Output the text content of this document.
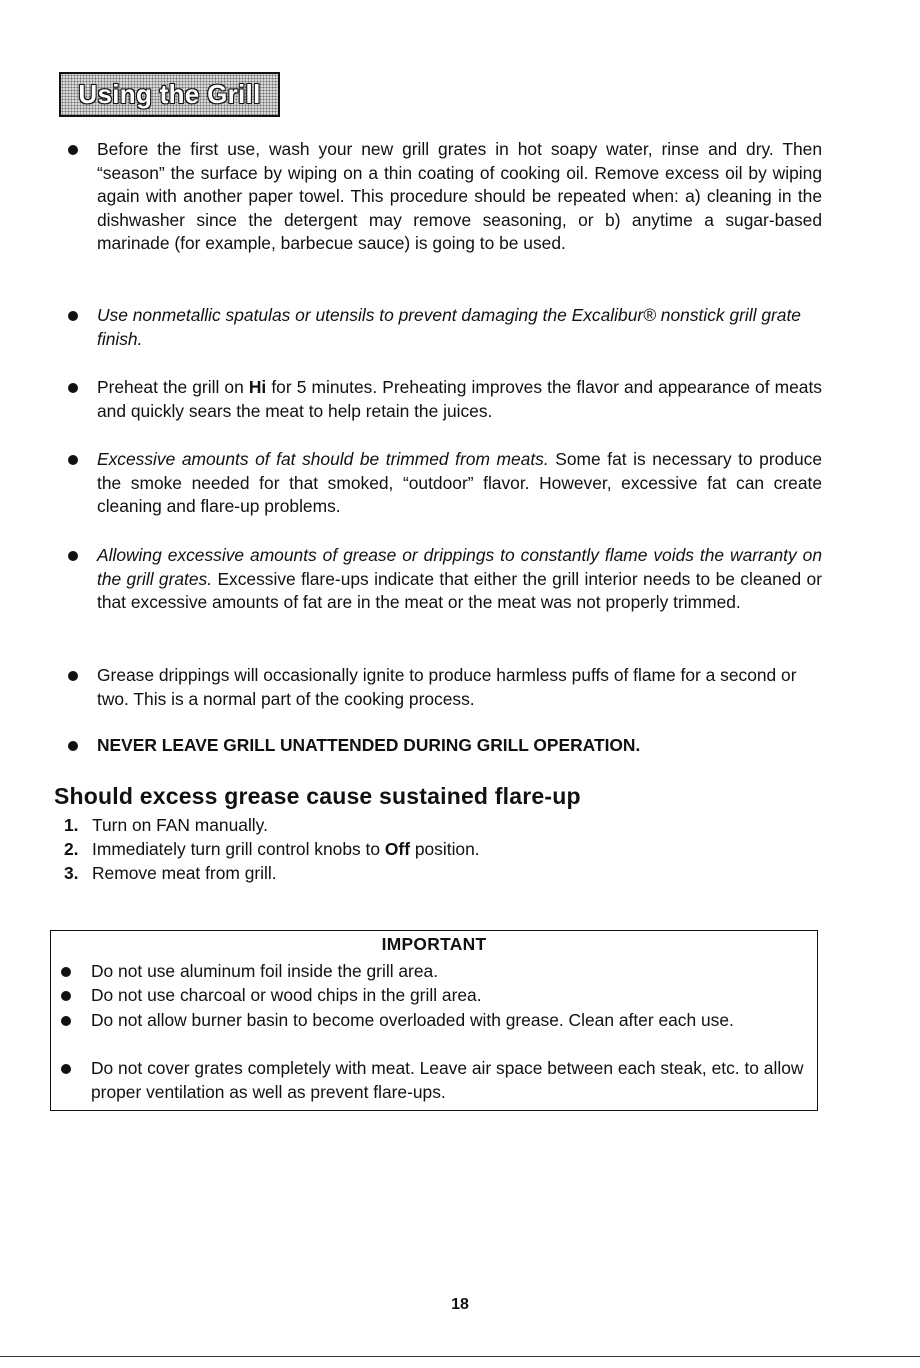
Using the Grill
Before the first use, wash your new grill grates in hot soapy water, rinse and dry. Then “season” the surface by wiping on a thin coating of cooking oil. Remove excess oil by wiping again with another paper towel. This procedure should be repeated when: a) cleaning in the dishwasher since the detergent may remove seasoning, or b) anytime a sugar-based marinade (for example, barbecue sauce) is going to be used.
Use nonmetallic spatulas or utensils to prevent damaging the Excalibur® nonstick grill grate finish.
Preheat the grill on Hi for 5 minutes. Preheating improves the flavor and appearance of meats and quickly sears the meat to help retain the juices.
Excessive amounts of fat should be trimmed from meats. Some fat is necessary to produce the smoke needed for that smoked, “outdoor” flavor. However, excessive fat can create cleaning and flare-up problems.
Allowing excessive amounts of grease or drippings to constantly flame voids the warranty on the grill grates. Excessive flare-ups indicate that either the grill interior needs to be cleaned or that excessive amounts of fat are in the meat or the meat was not properly trimmed.
Grease drippings will occasionally ignite to produce harmless puffs of flame for a second or two. This is a normal part of the cooking process.
NEVER LEAVE GRILL UNATTENDED DURING GRILL OPERATION.
Should excess grease cause sustained flare-up
1. Turn on FAN manually.
2. Immediately turn grill control knobs to Off position.
3. Remove meat from grill.
IMPORTANT
Do not use aluminum foil inside the grill area.
Do not use charcoal or wood chips in the grill area.
Do not allow burner basin to become overloaded with grease. Clean after each use.
Do not cover grates completely with meat. Leave air space between each steak, etc. to allow proper ventilation as well as prevent flare-ups.
18
